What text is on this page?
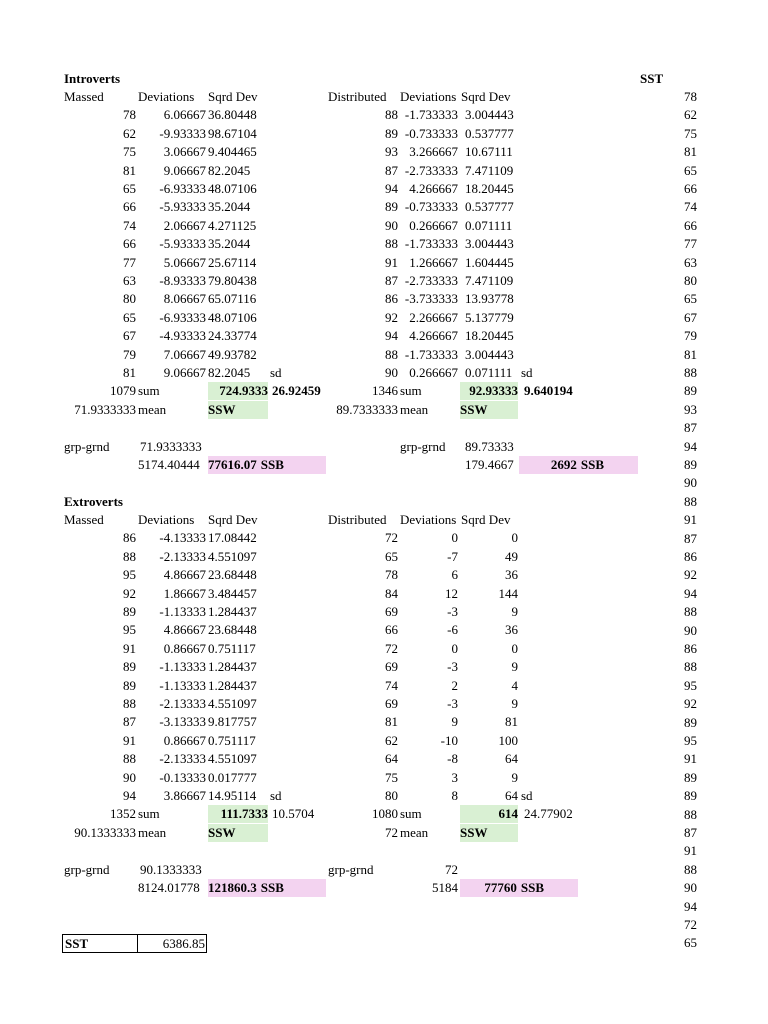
Introverts
Extroverts
Massed	Deviations Sqrd Dev
78	6.06667 36.80448
62	-9.93333 98.67104
75	3.06667 9.404465
81	9.06667 82.2045
65	-6.93333 48.07106
66	-5.93333 35.2044
74	2.06667 4.271125
66	-5.93333 35.2044
77	5.06667 25.67114
63	-8.93333 79.80438
80	8.06667 65.07116
65	-6.93333 48.07106
67	-4.93333 24.33774
79	7.06667 49.93782
81	9.06667 82.2045 sd
1079 sum	724.9333 26.92459
71.9333333 mean	SSW
grp-grnd 71.9333333
5174.40444 77616.07 SSB
Distributed Deviations Sqrd Dev
88 -1.733333 3.004443
89 -0.733333 0.537777
93 3.266667 10.67111
87 -2.733333 7.471109
94 4.266667 18.20445
89 -0.733333 0.537777
90 0.266667 0.071111
88 -1.733333 3.004443
91 1.266667 1.604445
87 -2.733333 7.471109
86 -3.733333 13.93778
92 2.266667 5.137779
94 4.266667 18.20445
88 -1.733333 3.004443
90 0.266667 0.071111 sd
1346 sum	92.93333 9.640194
89.7333333 mean SSW
grp-grnd 89.73333
179.4667	2692 SSB
Massed	Deviations Sqrd Dev
86	-4.13333 17.08442
88	-2.13333 4.551097
95	4.86667 23.68448
92	1.86667 3.484457
89	-1.13333 1.284437
95	4.86667 23.68448
91	0.86667 0.751117
89	-1.13333 1.284437
89	-1.13333 1.284437
88	-2.13333 4.551097
87	-3.13333 9.817757
91	0.86667 0.751117
88	-2.13333 4.551097
90	-0.13333 0.017777
94	3.86667 14.95114 sd
1352 sum	111.7333 10.5704
90.1333333 mean	SSW
grp-grnd 90.1333333
8124.01778 121860.3 SSB
Distributed Deviations Sqrd Dev
72	0	0
65	-7	49
78	6	36
84	12	144
69	-3	9
66	-6	36
72	0	0
69	-3	9
74	2	4
69	-3	9
81	9	81
62	-10	100
64	-8	64
75	3	9
80	8	64 sd
1080 sum	614 24.77902
72 mean SSW
grp-grnd	72
5184	77760 SSB
SST
78
62
75
81
65
66
74
66
77
63
80
65
67
79
81
88
89
93
87
94
89
90
88
91
87
86
92
94
88
90
86
88
95
92
89
95
91
89
89
88
87
91
88
90
94
72
65
SST	6386.85
